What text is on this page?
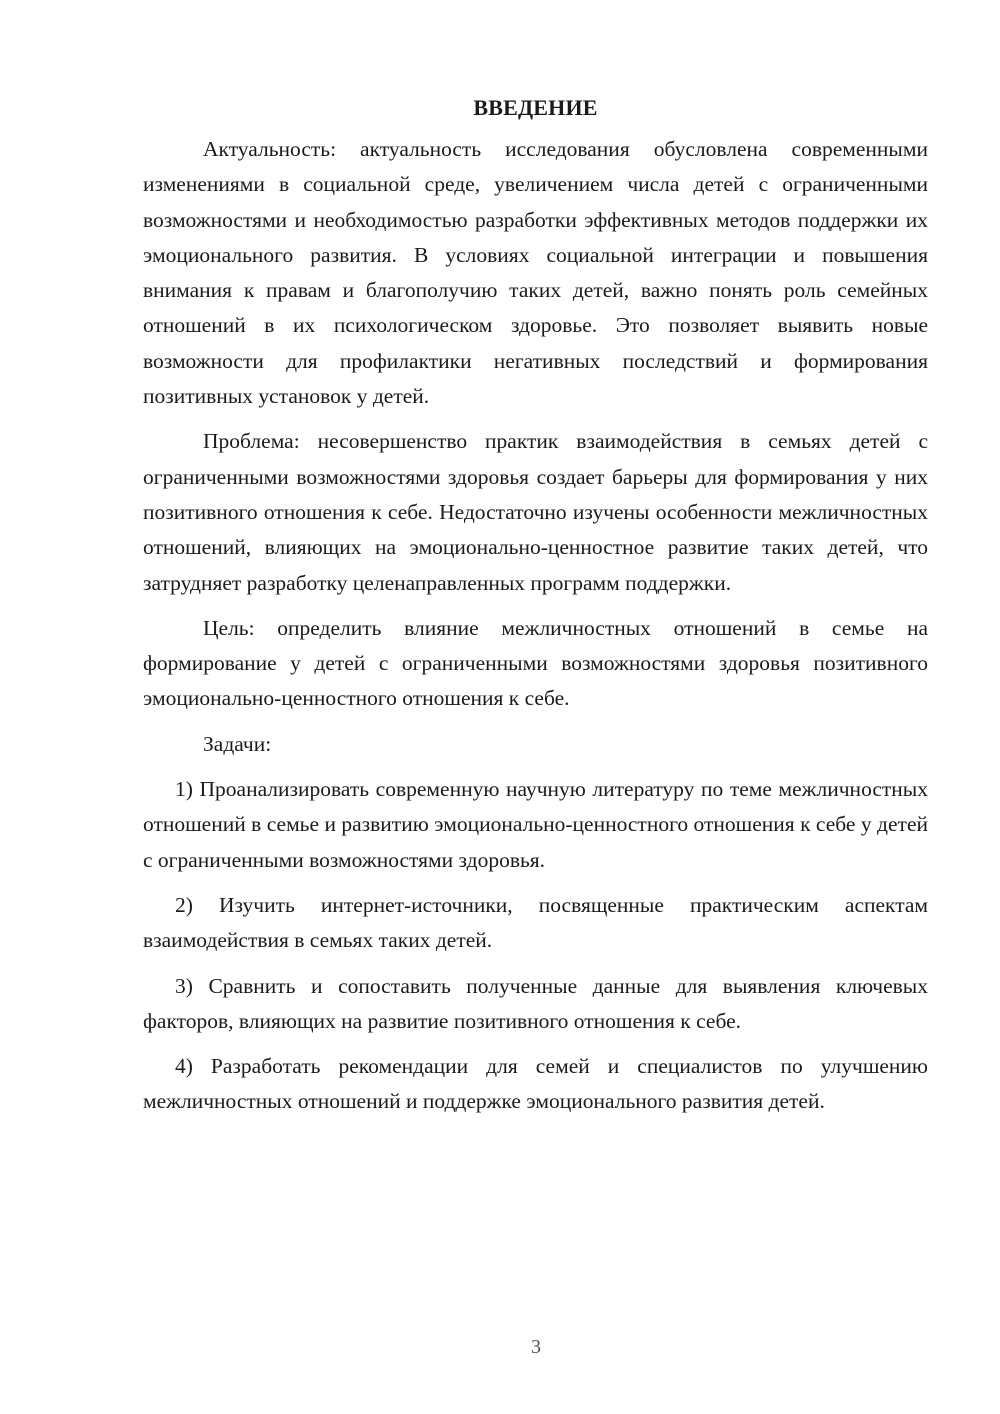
ВВЕДЕНИЕ

Актуальность: актуальность исследования обусловлена современными изменениями в социальной среде, увеличением числа детей с ограниченными возможностями и необходимостью разработки эффективных методов поддержки их эмоционального развития. В условиях социальной интеграции и повышения внимания к правам и благополучию таких детей, важно понять роль семейных отношений в их психологическом здоровье. Это позволяет выявить новые возможности для профилактики негативных последствий и формирования позитивных установок у детей.

Проблема: несовершенство практик взаимодействия в семьях детей с ограниченными возможностями здоровья создает барьеры для формирования у них позитивного отношения к себе. Недостаточно изучены особенности межличностных отношений, влияющих на эмоционально-ценностное развитие таких детей, что затрудняет разработку целенаправленных программ поддержки.

Цель: определить влияние межличностных отношений в семье на формирование у детей с ограниченными возможностями здоровья позитивного эмоционально-ценностного отношения к себе.

Задачи:

1) Проанализировать современную научную литературу по теме межличностных отношений в семье и развитию эмоционально-ценностного отношения к себе у детей с ограниченными возможностями здоровья.

2) Изучить интернет-источники, посвященные практическим аспектам взаимодействия в семьях таких детей.

3) Сравнить и сопоставить полученные данные для выявления ключевых факторов, влияющих на развитие позитивного отношения к себе.

4) Разработать рекомендации для семей и специалистов по улучшению межличностных отношений и поддержке эмоционального развития детей.

3
